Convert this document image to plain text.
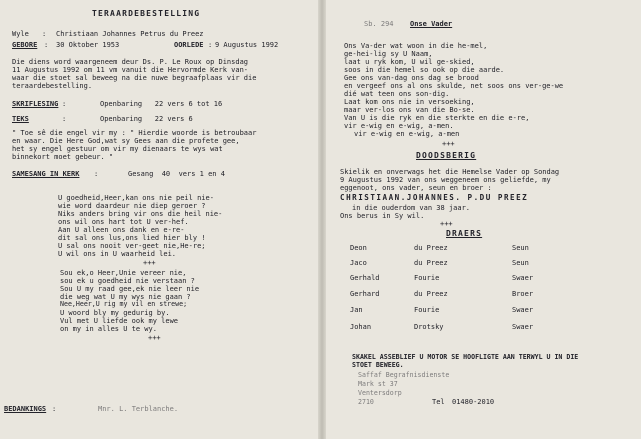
TERAARDEBESTELLING
Wyle : Christiaan Johannes Petrus du Preez
GEBORE : 30 Oktober 1953	OORLEDE : 9 Augustus 1992
Die diens word waargeneem deur Ds. P. Le Roux op Dinsdag
11 Augustus 1992 om 11 vm vanuit die Hervormde Kerk van-
waar die stoet sal beweeg na die nuwe begraafplaas vir die
teraardebestelling.
SKRIFLESING :	Openbaring   22 vers 6 tot 16
TEKS	:	Openbaring   22 vers 6
" Toe sê die engel vir my : " Hierdie woorde is betroubaar
en waar. Die Here God,wat sy Gees aan die profete gee,
het sy engel gestuur om vir my dienaars te wys wat
binnekort moet gebeur. "
SAMESANG IN KERK :	Gesang  40  vers 1 en 4
U goedheid,Heer,kan ons nie peil nie-
wie word daardeur nie diep geroer ?
Niks anders bring vir ons die heil nie-
ons wil ons hart tot U ver-hef.
Aan U alleen ons dank en e-re-
dit sal ons lus,ons lied hier bly !
U sal ons nooit ver-geet nie,He-re;
U wil ons in U waarheid lei.
+++
Sou ek,o Heer,Unie vereer nie,
sou ek u goedheid nie verstaan ?
Sou U my raad gee,ek nie leer nie
die weg wat U my wys nie gaan ?
Nee,Heer,U rig my vil en strewe;
U woord bly my gedurig by.
Vul met U liefde ook my lewe
on my in alles U te wy.
+++
BEDANKINGS :	Mnr. L. Terblanche.
Sb. 294 Onse Vader
Ons Va-der wat woon in die he-mel,
ge-hei-lig sy U Naam,
laat u ryk kom, U wil ge-skied,
soos in die hemel so ook op die aarde.
Gee ons van-dag ons dag se brood
en vergeef ons al ons skulde, net soos ons ver-ge-we
dié wat teen ons son-dig.
Laat kom ons nie in versoeking,
maar ver-los ons van die Bo-se.
Van U is die ryk en die sterkte en die e-re,
vir e-wig en e-wig, a-men.
vir e-wig en e-wig, a-men
+++
DOODSBERIG
Skielik en onverwags het die Hemelse Vader op Sondag
9 Augustus 1992 van ons weggeneem ons geliefde, my
eggenoot, ons vader, seun en broer :
CHRISTIAAN.JOHANNES. P.DU PREEZ
in die ouderdom van 38 jaar.
Ons berus in Sy wil.
+++
DRAERS
Deon	du Preez	Seun
Jaco	du Preez	Seun
Gerhald	Fourie	Swaer
Gerhard	du Preez	Broer
Jan	Fourie	Swaer
Johan	Drotsky	Swaer
SKAKEL ASSEBLIEF U MOTOR SE HOOFLIGTE AAN TERWYL U IN DIE
STOET BEWEEG.
Saffaf Begrafnisdienste
Mark st 37
Ventersdorp
2710	Tel 01480-2010
